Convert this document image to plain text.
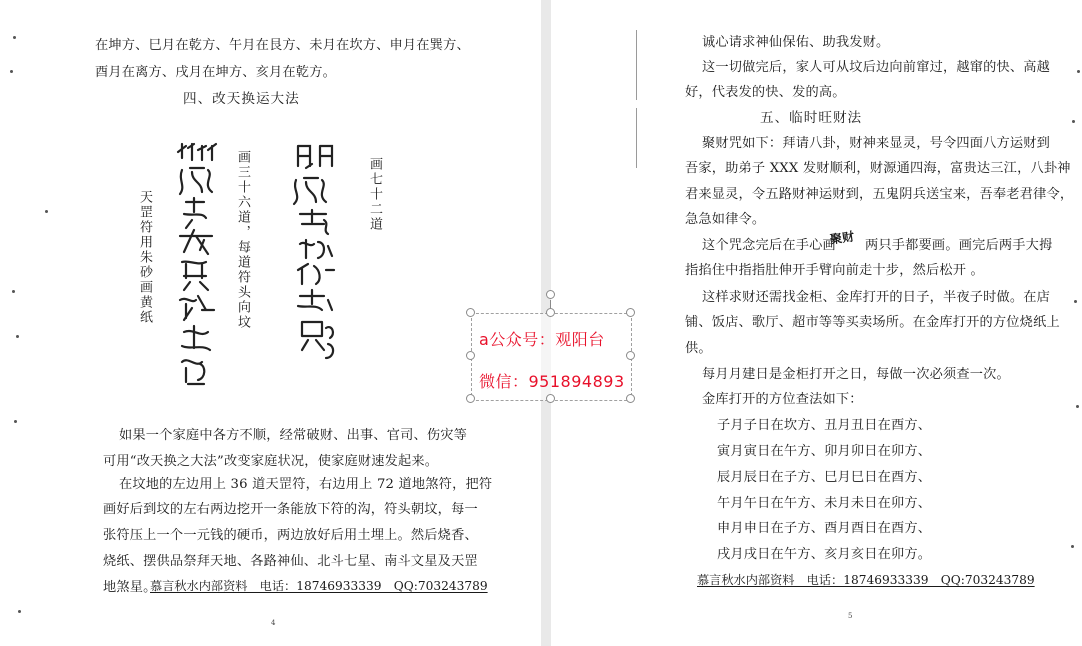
在坤方、巳月在乾方、午月在艮方、未月在坎方、申月在巽方、
酉月在离方、戌月在坤方、亥月在乾方。
四、改天换运大法
天罡符用朱砂画黄纸	画三十六道，每道符头向坟	画七十二道
如果一个家庭中各方不顺，经常破财、出事、官司、伤灾等
可用“改天换之大法”改变家庭状况，使家庭财速发起来。
在坟地的左边用上 36 道天罡符，右边用上 72 道地煞符，把符
画好后到坟的左右两边挖开一条能放下符的沟，符头朝坟，每一
张符压上一个一元钱的硬币，两边放好后用土埋上。然后烧香、
烧纸、摆供品祭拜天地、各路神仙、北斗七星、南斗文星及天罡
地煞星。
慕言秋水内部资料　电话：18746933339　QQ:703243789
4
诚心请求神仙保佑、助我发财。
这一切做完后，家人可从坟后边向前窜过，越窜的快、高越
好，代表发的快、发的高。
五、临时旺财法
聚财咒如下：拜请八卦，财神来显灵，号令四面八方运财到
吾家，助弟子 XXX 发财顺利，财源通四海，富贵达三江，八卦神
君来显灵，令五路财神运财到，五鬼阴兵送宝来，吾奉老君律令，
急急如律令。
这个咒念完后在手心画
聚财 两只手都要画。画完后两手大拇
指掐住中指指肚伸开手臂向前走十步，然后松开 。
这样求财还需找金柜、金库打开的日子，半夜子时做。在店
铺、饭店、歌厅、超市等等买卖场所。在金库打开的方位烧纸上
供。
每月月建日是金柜打开之日，每做一次必须查一次。
金库打开的方位查法如下：
子月子日在坎方、丑月丑日在酉方、
寅月寅日在午方、卯月卯日在卯方、
辰月辰日在子方、巳月巳日在酉方、
午月午日在午方、未月未日在卯方、
申月申日在子方、酉月酉日在酉方、
戌月戌日在午方、亥月亥日在卯方。
慕言秋水内部资料　电话：18746933339　QQ:703243789
5
a公众号：观阳台
微信：951894893
